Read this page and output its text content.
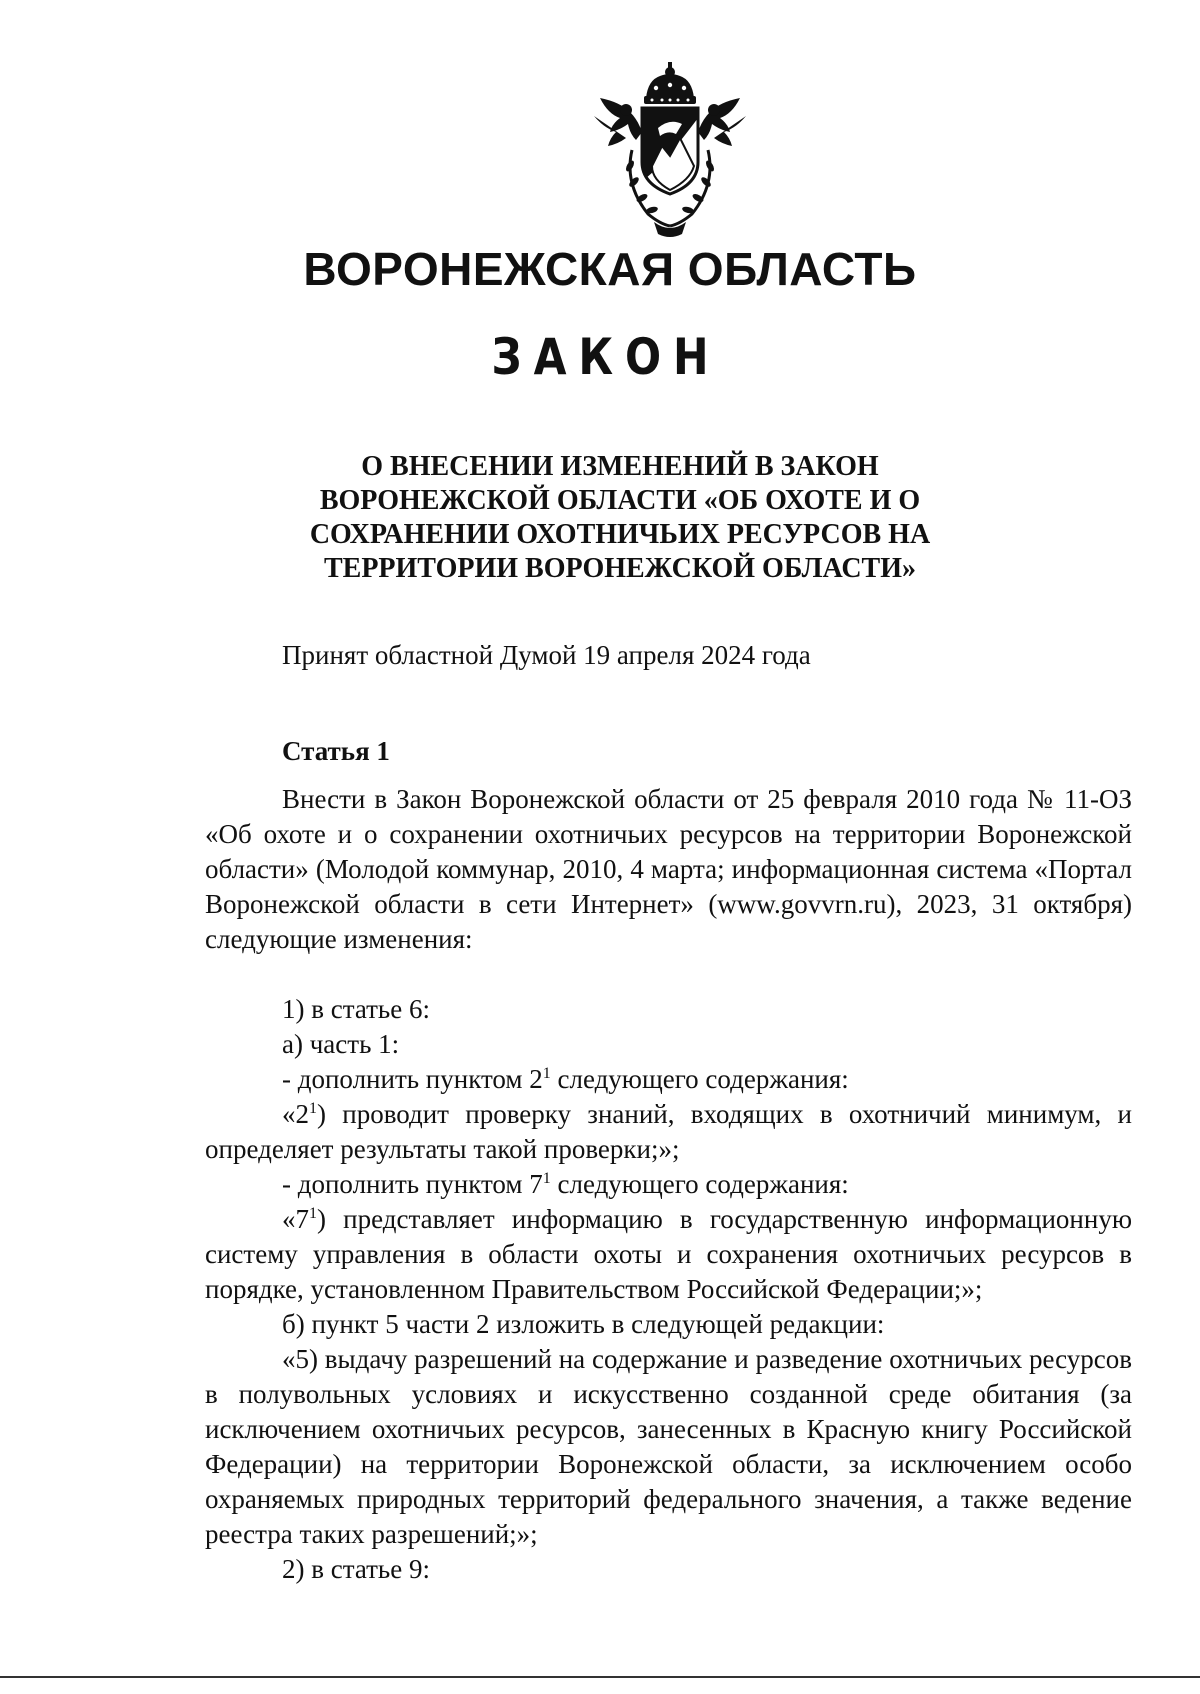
ВОРОНЕЖСКАЯ ОБЛАСТЬ
ЗАКОН
О ВНЕСЕНИИ ИЗМЕНЕНИЙ В ЗАКОН
ВОРОНЕЖСКОЙ ОБЛАСТИ «ОБ ОХОТЕ И О
СОХРАНЕНИИ ОХОТНИЧЬИХ РЕСУРСОВ НА
ТЕРРИТОРИИ ВОРОНЕЖСКОЙ ОБЛАСТИ»
Принят областной Думой 19 апреля 2024 года
Статья 1

Внести в Закон Воронежской области от 25 февраля 2010 года № 11-ОЗ «Об охоте и о сохранении охотничьих ресурсов на территории Воронежской области» (Молодой коммунар, 2010, 4 марта; информационная система «Портал Воронежской области в сети Интернет» (www.govvrn.ru), 2023, 31 октября) следующие изменения:

1) в статье 6:

а) часть 1:

- дополнить пунктом $2^1$ следующего содержания:

«$2^1$) проводит проверку знаний, входящих в охотничий минимум, и определяет результаты такой проверки;»;

- дополнить пунктом $7^1$ следующего содержания:

«$7^1$) представляет информацию в государственную информационную систему управления в области охоты и сохранения охотничьих ресурсов в порядке, установленном Правительством Российской Федерации;»;

б) пункт 5 части 2 изложить в следующей редакции:

«5) выдачу разрешений на содержание и разведение охотничьих ресурсов в полувольных условиях и искусственно созданной среде обитания (за исключением охотничьих ресурсов, занесенных в Красную книгу Российской Федерации) на территории Воронежской области, за исключением особо охраняемых природных территорий федерального значения, а также ведение реестра таких разрешений;»;

2) в статье 9:
